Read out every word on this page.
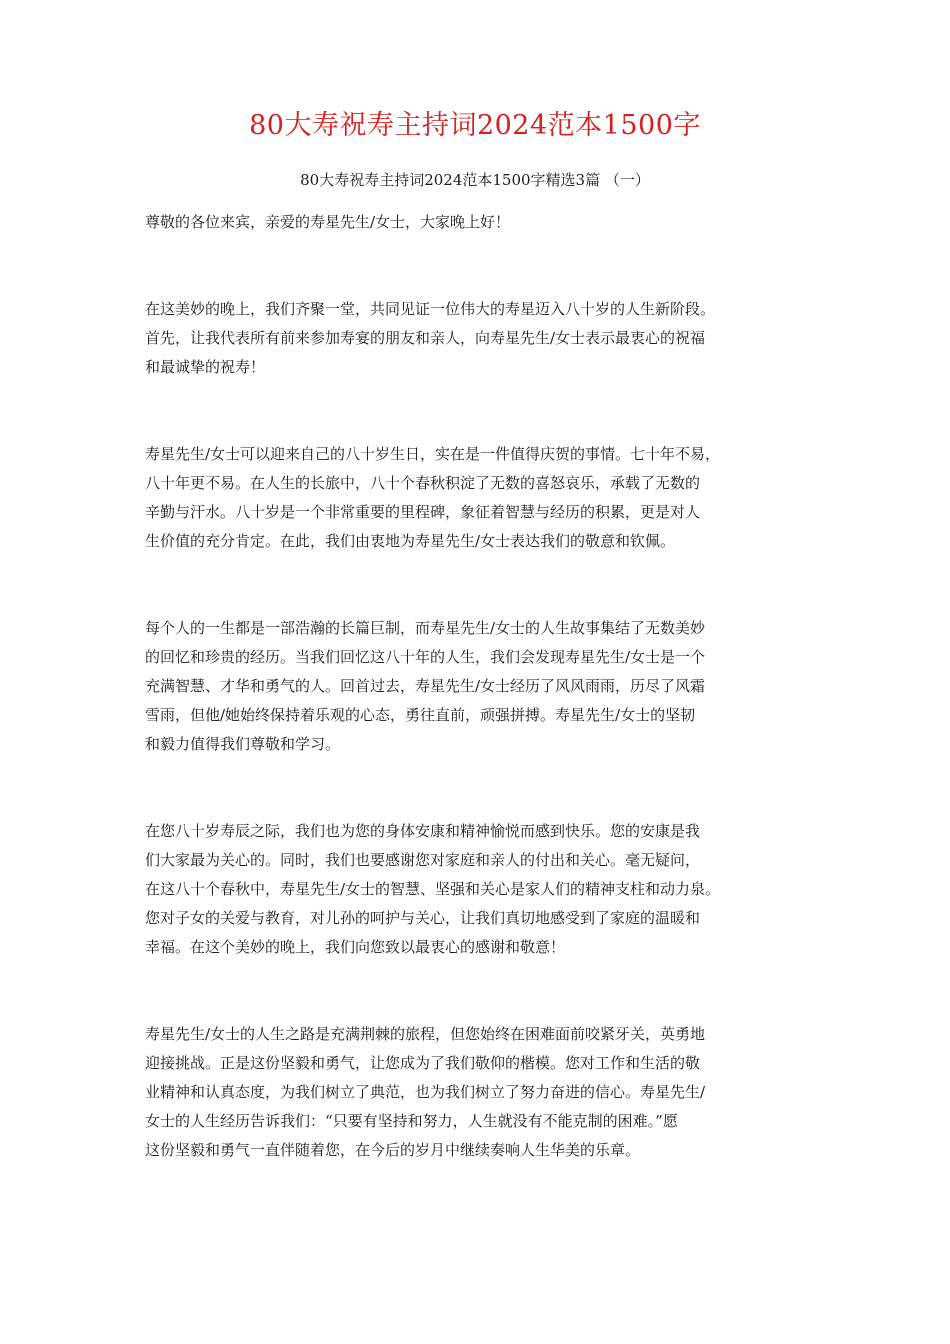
80大寿祝寿主持词2024范本1500字
80大寿祝寿主持词2024范本1500字精选3篇 （一）
尊敬的各位来宾，亲爱的寿星先生/女士，大家晚上好！
在这美妙的晚上，我们齐聚一堂，共同见证一位伟大的寿星迈入八十岁的人生新阶段。
首先，让我代表所有前来参加寿宴的朋友和亲人，向寿星先生/女士表示最衷心的祝福
和最诚挚的祝寿！
寿星先生/女士可以迎来自己的八十岁生日，实在是一件值得庆贺的事情。七十年不易，
八十年更不易。在人生的长旅中，八十个春秋积淀了无数的喜怒哀乐，承载了无数的
辛勤与汗水。八十岁是一个非常重要的里程碑，象征着智慧与经历的积累，更是对人
生价值的充分肯定。在此，我们由衷地为寿星先生/女士表达我们的敬意和钦佩。
每个人的一生都是一部浩瀚的长篇巨制，而寿星先生/女士的人生故事集结了无数美妙
的回忆和珍贵的经历。当我们回忆这八十年的人生，我们会发现寿星先生/女士是一个
充满智慧、才华和勇气的人。回首过去，寿星先生/女士经历了风风雨雨，历尽了风霜
雪雨，但他/她始终保持着乐观的心态，勇往直前，顽强拼搏。寿星先生/女士的坚韧
和毅力值得我们尊敬和学习。
在您八十岁寿辰之际，我们也为您的身体安康和精神愉悦而感到快乐。您的安康是我
们大家最为关心的。同时，我们也要感谢您对家庭和亲人的付出和关心。毫无疑问，
在这八十个春秋中，寿星先生/女士的智慧、坚强和关心是家人们的精神支柱和动力泉。
您对子女的关爱与教育，对儿孙的呵护与关心，让我们真切地感受到了家庭的温暖和
幸福。在这个美妙的晚上，我们向您致以最衷心的感谢和敬意！
寿星先生/女士的人生之路是充满荆棘的旅程，但您始终在困难面前咬紧牙关，英勇地
迎接挑战。正是这份坚毅和勇气，让您成为了我们敬仰的楷模。您对工作和生活的敬
业精神和认真态度，为我们树立了典范，也为我们树立了努力奋进的信心。寿星先生/
女士的人生经历告诉我们：“只要有坚持和努力，人生就没有不能克制的困难。”愿
这份坚毅和勇气一直伴随着您，在今后的岁月中继续奏响人生华美的乐章。
